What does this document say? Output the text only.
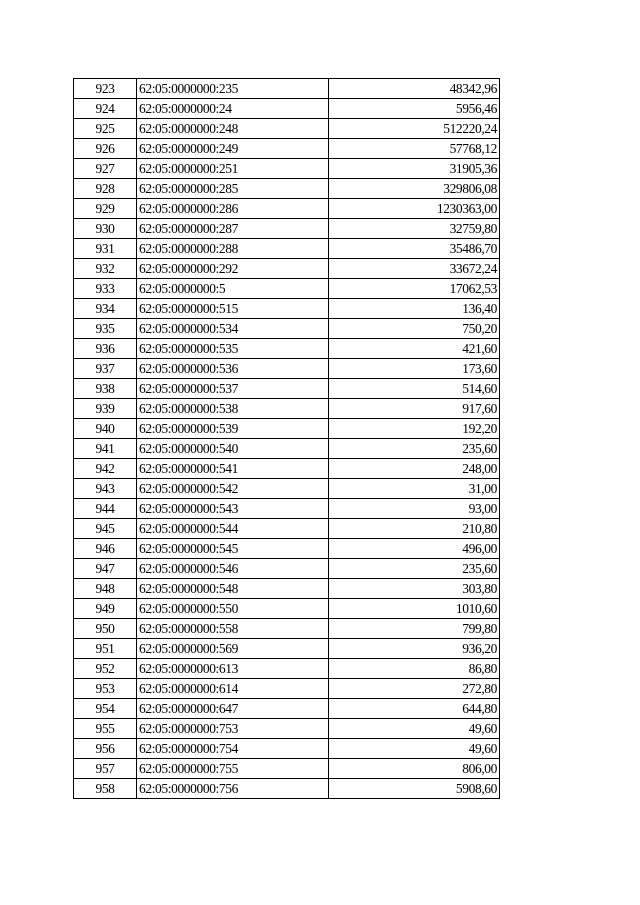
923	62:05:0000000:235	48342,96
924	62:05:0000000:24	5956,46
925	62:05:0000000:248	512220,24
926	62:05:0000000:249	57768,12
927	62:05:0000000:251	31905,36
928	62:05:0000000:285	329806,08
929	62:05:0000000:286	1230363,00
930	62:05:0000000:287	32759,80
931	62:05:0000000:288	35486,70
932	62:05:0000000:292	33672,24
933	62:05:0000000:5	17062,53
934	62:05:0000000:515	136,40
935	62:05:0000000:534	750,20
936	62:05:0000000:535	421,60
937	62:05:0000000:536	173,60
938	62:05:0000000:537	514,60
939	62:05:0000000:538	917,60
940	62:05:0000000:539	192,20
941	62:05:0000000:540	235,60
942	62:05:0000000:541	248,00
943	62:05:0000000:542	31,00
944	62:05:0000000:543	93,00
945	62:05:0000000:544	210,80
946	62:05:0000000:545	496,00
947	62:05:0000000:546	235,60
948	62:05:0000000:548	303,80
949	62:05:0000000:550	1010,60
950	62:05:0000000:558	799,80
951	62:05:0000000:569	936,20
952	62:05:0000000:613	86,80
953	62:05:0000000:614	272,80
954	62:05:0000000:647	644,80
955	62:05:0000000:753	49,60
956	62:05:0000000:754	49,60
957	62:05:0000000:755	806,00
958	62:05:0000000:756	5908,60
